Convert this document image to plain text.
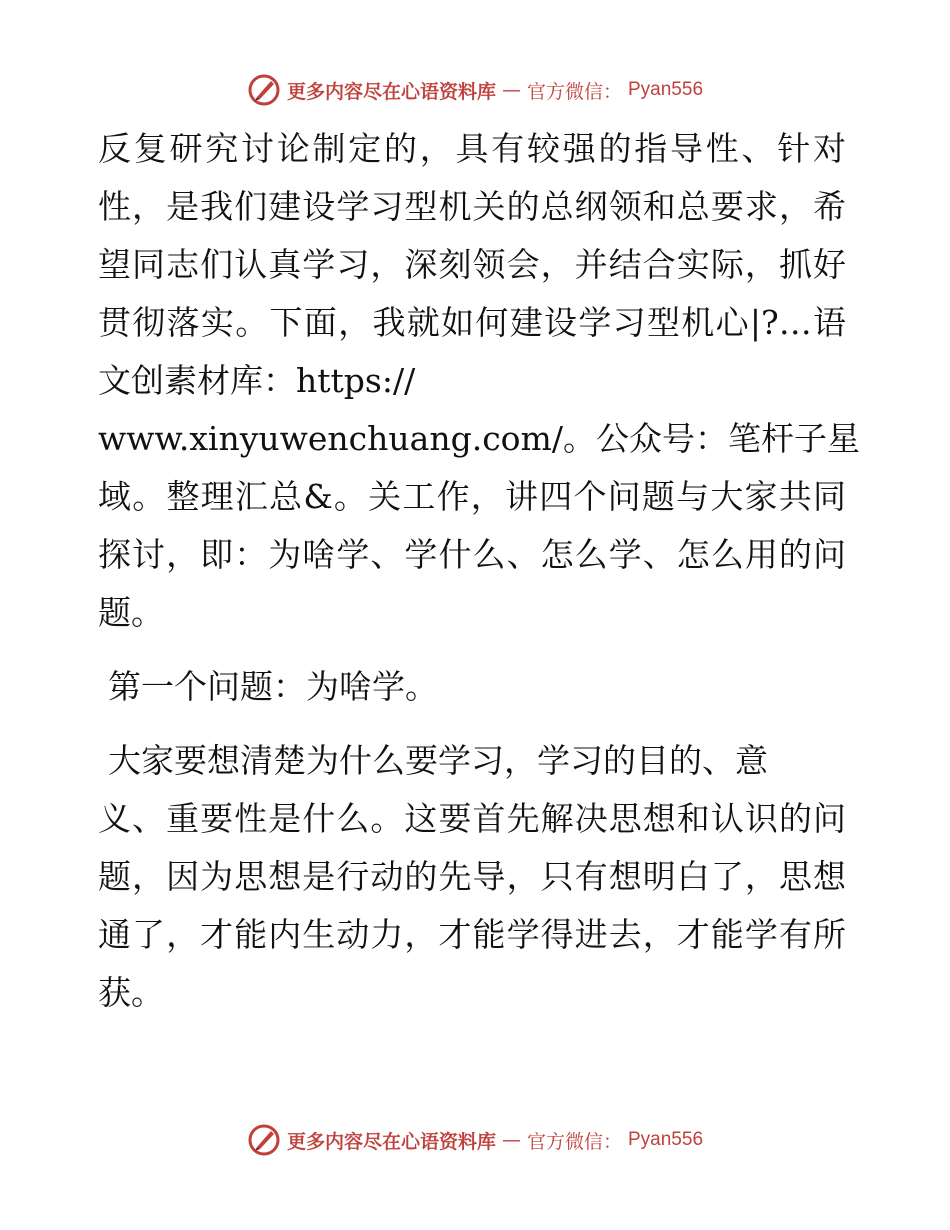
更多内容尽在心语资料库 — 官方微信： Pyan556
反复研究讨论制定的，具有较强的指导性、针对
性，是我们建设学习型机关的总纲领和总要求，希
望同志们认真学习，深刻领会，并结合实际，抓好
贯彻落实。下面，我就如何建设学习型机心|?…语
文创素材库：https://
www.xinyuwenchuang.com/。公众号：笔杆子星
域。整理汇总&。关工作，讲四个问题与大家共同
探讨，即：为啥学、学什么、怎么学、怎么用的问
题。
第一个问题：为啥学。
大家要想清楚为什么要学习，学习的目的、意
义、重要性是什么。这要首先解决思想和认识的问
题，因为思想是行动的先导，只有想明白了，思想
通了，才能内生动力，才能学得进去，才能学有所
获。
更多内容尽在心语资料库 — 官方微信： Pyan556
